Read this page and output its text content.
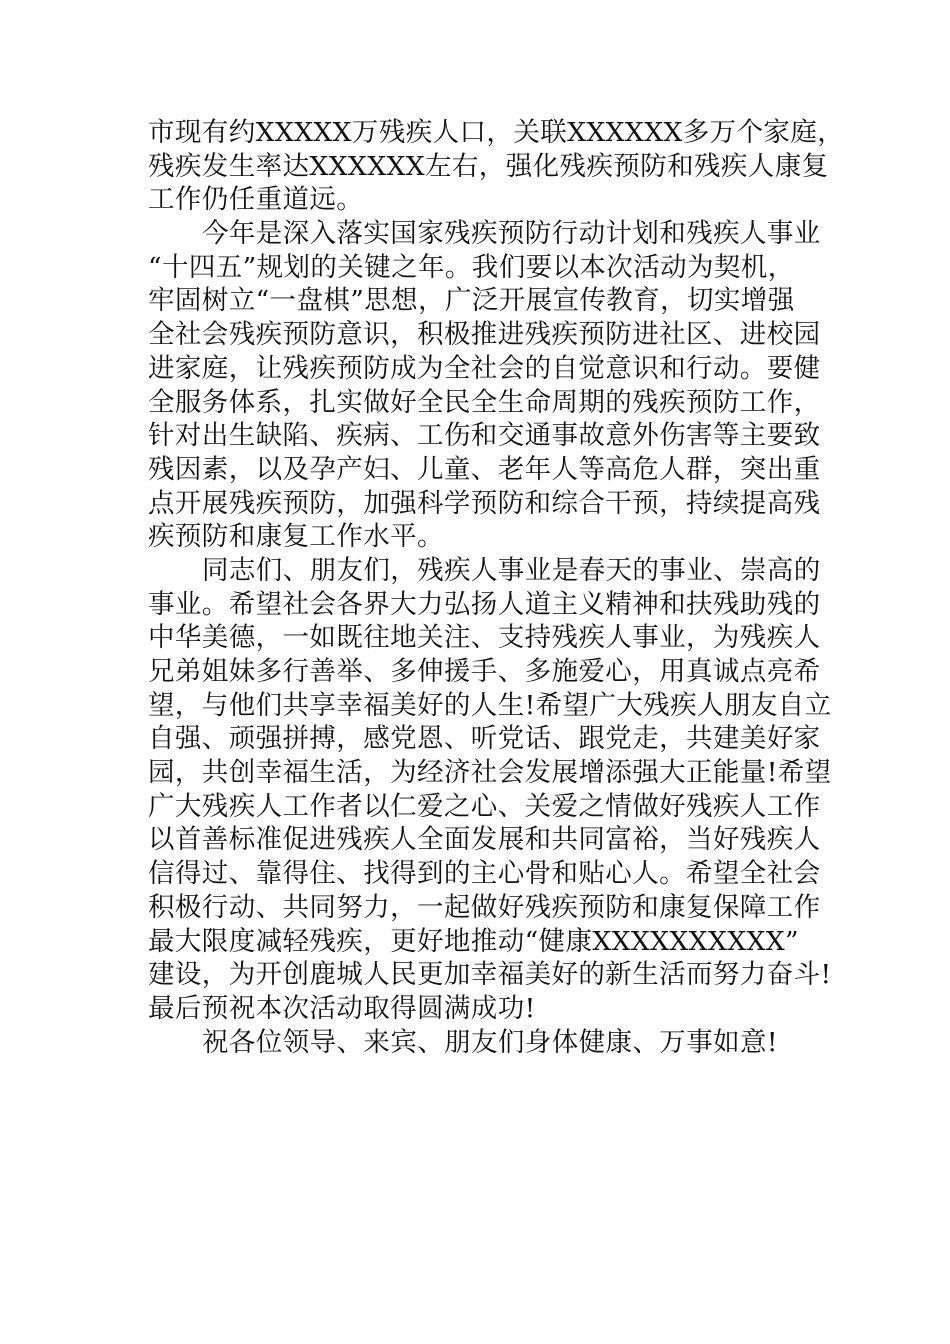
市现有约XXXXX万残疾人口，关联XXXXXX多万个家庭，
残疾发生率达XXXXXX左右，强化残疾预防和残疾人康复
工作仍任重道远。
今年是深入落实国家残疾预防行动计划和残疾人事业
“十四五”规划的关键之年。我们要以本次活动为契机，
牢固树立“一盘棋”思想，广泛开展宣传教育，切实增强
全社会残疾预防意识，积极推进残疾预防进社区、进校园
进家庭，让残疾预防成为全社会的自觉意识和行动。要健
全服务体系，扎实做好全民全生命周期的残疾预防工作，
针对出生缺陷、疾病、工伤和交通事故意外伤害等主要致
残因素，以及孕产妇、儿童、老年人等高危人群，突出重
点开展残疾预防，加强科学预防和综合干预，持续提高残
疾预防和康复工作水平。
同志们、朋友们，残疾人事业是春天的事业、崇高的
事业。希望社会各界大力弘扬人道主义精神和扶残助残的
中华美德，一如既往地关注、支持残疾人事业，为残疾人
兄弟姐妹多行善举、多伸援手、多施爱心，用真诚点亮希
望，与他们共享幸福美好的人生!希望广大残疾人朋友自立
自强、顽强拼搏，感党恩、听党话、跟党走，共建美好家
园，共创幸福生活，为经济社会发展增添强大正能量!希望
广大残疾人工作者以仁爱之心、关爱之情做好残疾人工作
以首善标准促进残疾人全面发展和共同富裕，当好残疾人
信得过、靠得住、找得到的主心骨和贴心人。希望全社会
积极行动、共同努力，一起做好残疾预防和康复保障工作
最大限度减轻残疾，更好地推动“健康XXXXXXXXXX”
建设，为开创鹿城人民更加幸福美好的新生活而努力奋斗!
最后预祝本次活动取得圆满成功!
祝各位领导、来宾、朋友们身体健康、万事如意!
